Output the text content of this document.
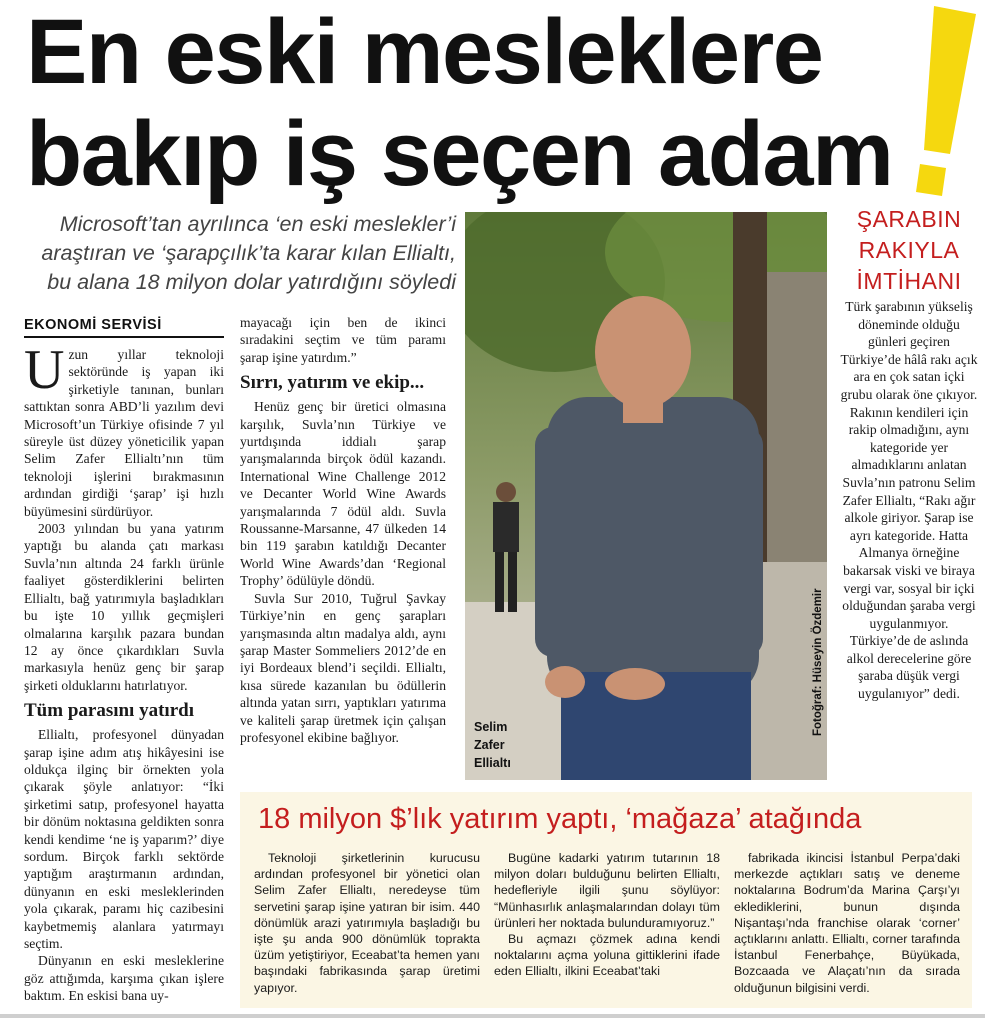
En eski mesleklere
bakıp iş seçen adam
Microsoft’tan ayrılınca ‘en eski meslekler’i
araştıran ve ‘şarapçılık’ta karar kılan Ellialtı,
bu alana 18 milyon dolar yatırdığını söyledi
EKONOMİ SERVİSİ

Uzun yıllar teknoloji sektöründe iş yapan iki şirketiyle tanınan, bunları sattıktan sonra ABD’li yazılım devi Microsoft’un Türkiye ofisinde 7 yıl süreyle üst düzey yöneticilik yapan Selim Zafer Ellialtı’nın tüm teknoloji işlerini bırakmasının ardından girdiği ‘şarap’ işi hızlı büyümesini sürdürüyor.

2003 yılından bu yana yatırım yaptığı bu alanda çatı markası Suvla’nın altında 24 farklı ürünle faaliyet gösterdiklerini belirten Ellialtı, bağ yatırımıyla başladıkları bu işte 10 yıllık geçmişleri olmalarına karşılık pazara bundan 12 ay önce çıkardıkları Suvla markasıyla henüz genç bir şarap şirketi olduklarını hatırlatıyor.

Tüm parasını yatırdı

Ellialtı, profesyonel dünyadan şarap işine adım atış hikâyesini ise oldukça ilginç bir örnekten yola çıkarak şöyle anlatıyor: “İki şirketimi satıp, profesyonel hayatta bir dönüm noktasına geldikten sonra kendi kendime ‘ne iş yaparım?’ diye sordum. Birçok farklı sektörde yaptığım araştırmanın ardından, dünyanın en eski mesleklerinden yola çıkarak, paramı hiç cazibesini kaybetmemiş alanlara yatırmayı seçtim.

Dünyanın en eski mesleklerine göz attığımda, karşıma çıkan işlere baktım. En eskisi bana uy-

mayacağı için ben de ikinci sıradakini seçtim ve tüm paramı şarap işine yatırdım.”

Sırrı, yatırım ve ekip...

Henüz genç bir üretici olmasına karşılık, Suvla’nın Türkiye ve yurtdışında iddialı şarap yarışmalarında birçok ödül kazandı. International Wine Challenge 2012 ve Decanter World Wine Awards yarışmalarında 7 ödül aldı. Suvla Roussanne-Marsanne, 47 ülkeden 14 bin 119 şarabın katıldığı Decanter World Wine Awards’dan ‘Regional Trophy’ ödülüyle döndü.

Suvla Sur 2010, Tuğrul Şavkay Türkiye’nin en genç şarapları yarışmasında altın madalya aldı, aynı şarap Master Sommeliers 2012’de en iyi Bordeaux blend’i seçildi. Ellialtı, kısa sürede kazanılan bu ödüllerin altında yatan sırrı, yaptıkları yatırıma ve kaliteli şarap üretmek için çalışan profesyonel ekibine bağlıyor.

Selim
Zafer
Ellialtı
Fotoğraf: Hüseyin Özdemir
ŞARABIN
RAKIYLA
İMTİHANI
Türk şarabının yükseliş döneminde olduğu günleri geçiren Türkiye’de hâlâ rakı açık ara en çok satan içki grubu olarak öne çıkıyor. Rakının kendileri için rakip olmadığını, aynı kategoride yer almadıklarını anlatan Suvla’nın patronu Selim Zafer Ellialtı, “Rakı ağır alkole giriyor. Şarap ise ayrı kategoride. Hatta Almanya örneğine bakarsak viski ve biraya vergi var, sosyal bir içki olduğundan şaraba vergi uygulanmıyor. Türkiye’de de aslında alkol derecelerine göre şaraba düşük vergi uygulanıyor” dedi.
18 milyon $’lık yatırım yaptı, ‘mağaza’ atağında

Teknoloji şirketlerinin kurucusu ardından profesyonel bir yönetici olan Selim Zafer Ellialtı, neredeyse tüm servetini şarap işine yatıran bir isim. 440 dönümlük arazi yatırımıyla başladığı bu işte şu anda 900 dönümlük toprakta üzüm yetiştiriyor, Eceabat’ta hemen yanı başındaki fabrikasında şarap üretimi yapıyor.

Bugüne kadarki yatırım tutarının 18 milyon doları bulduğunu belirten Ellialtı, hedefleriyle ilgili şunu söylüyor: “Münhasırlık anlaşmalarından dolayı tüm ürünleri her noktada bulunduramıyoruz.”

Bu açmazı çözmek adına kendi noktalarını açma yoluna gittiklerini ifade eden Ellialtı, ilkini Eceabat’taki

fabrikada ikincisi İstanbul Perpa’daki merkezde açtıkları satış ve deneme noktalarına Bodrum’da Marina Çarşı’yı eklediklerini, bunun dışında Nişantaşı’nda franchise olarak ‘corner’ açtıklarını anlattı. Ellialtı, corner tarafında İstanbul Fenerbahçe, Büyükada, Bozcaada ve Alaçatı’nın da sırada olduğunun bilgisini verdi.
